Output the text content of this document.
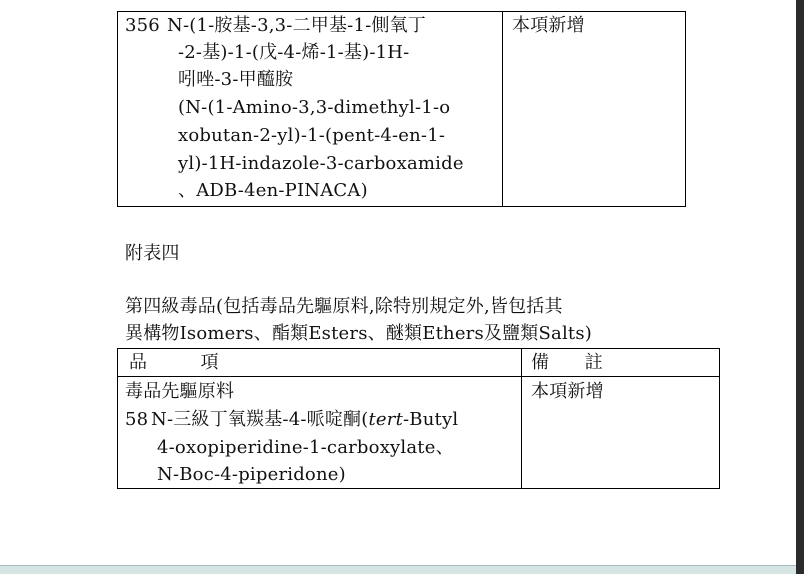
356 N-(1-胺基-3,3-二甲基-1-側氧丁
-2-基)-1-(戊-4-烯-1-基)-1H-
吲唑-3-甲醯胺
(N-(1-Amino-3,3-dimethyl-1-o
xobutan-2-yl)-1-(pent-4-en-1-
yl)-1H-indazole-3-carboxamide
、ADB-4en-PINACA)
本項新增
附表四
第四級毒品(包括毒品先驅原料,除特別規定外,皆包括其
異構物Isomers、酯類Esters、醚類Ethers及鹽類Salts)
品         項	備      註
毒品先驅原料
58 N-三級丁氧羰基-4-哌啶酮(tert-Butyl
4-oxopiperidine-1-carboxylate、
N-Boc-4-piperidone)
本項新增
